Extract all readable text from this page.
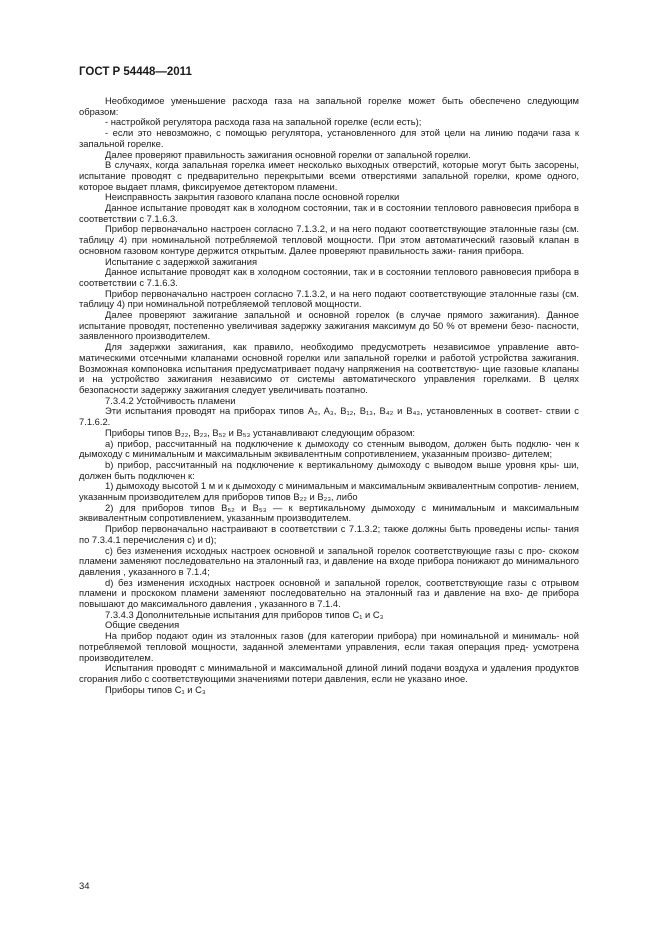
ГОСТ Р 54448—2011

Необходимое уменьшение расхода газа на запальной горелке может быть обеспечено следующим образом:

- настройкой регулятора расхода газа на запальной горелке (если есть);

- если это невозможно, с помощью регулятора, установленного для этой цели на линию подачи газа к запальной горелке.

Далее проверяют правильность зажигания основной горелки от запальной горелки.

В случаях, когда запальная горелка имеет несколько выходных отверстий, которые могут быть засорены, испытание проводят с предварительно перекрытыми всеми отверстиями запальной горелки, кроме одного, которое выдает пламя, фиксируемое детектором пламени.

Неисправность закрытия газового клапана после основной горелки

Данное испытание проводят как в холодном состоянии, так и в состоянии теплового равновесия прибора в соответствии с 7.1.6.3.

Прибор первоначально настроен согласно 7.1.3.2, и на него подают соответствующие эталонные газы (см. таблицу 4) при номинальной потребляемой тепловой мощности. При этом автоматический газовый клапан в основном газовом контуре держится открытым. Далее проверяют правильность зажи- гания прибора.

Испытание с задержкой зажигания

Данное испытание проводят как в холодном состоянии, так и в состоянии теплового равновесия прибора в соответствии с 7.1.6.3.

Прибор первоначально настроен согласно 7.1.3.2, и на него подают соответствующие эталонные газы (см. таблицу 4) при номинальной потребляемой тепловой мощности.

Далее проверяют зажигание запальной и основной горелок (в случае прямого зажигания). Данное испытание проводят, постепенно увеличивая задержку зажигания максимум до 50 % от времени безо- пасности, заявленного производителем.

Для задержки зажигания, как правило, необходимо предусмотреть независимое управление авто- матическими отсечными клапанами основной горелки или запальной горелки и работой устройства зажигания. Возможная компоновка испытания предусматривает подачу напряжения на соответствую- щие газовые клапаны и на устройство зажигания независимо от системы автоматического управления горелками. В целях безопасности задержку зажигания следует увеличивать поэтапно.

7.3.4.2 Устойчивость пламени

Эти испытания проводят на приборах типов A₂, A₃, B₁₂, B₁₃, B₄₂ и B₄₃, установленных в соответ- ствии с 7.1.6.2.

Приборы типов B₂₂, B₂₃, B₅₂ и B₅₃ устанавливают следующим образом:

a) прибор, рассчитанный на подключение к дымоходу со стенным выводом, должен быть подклю- чен к дымоходу с минимальным и максимальным эквивалентным сопротивлением, указанным произво- дителем;

b) прибор, рассчитанный на подключение к вертикальному дымоходу с выводом выше уровня кры- ши, должен быть подключен к:

1) дымоходу высотой 1 м и к дымоходу с минимальным и максимальным эквивалентным сопротив- лением, указанным производителем для приборов типов B₂₂ и B₂₃, либо

2) для приборов типов B₅₂ и B₅₃ — к вертикальному дымоходу с минимальным и максимальным эквивалентным сопротивлением, указанным производителем.

Прибор первоначально настраивают в соответствии с 7.1.3.2; также должны быть проведены испы- тания по 7.3.4.1 перечисления c) и d);

c) без изменения исходных настроек основной и запальной горелок соответствующие газы с про- скоком пламени заменяют последовательно на эталонный газ, и давление на входе прибора понижают до минимального давления , указанного в 7.1.4;

d) без изменения исходных настроек основной и запальной горелок, соответствующие газы с отрывом пламени и проскоком пламени заменяют последовательно на эталонный газ и давление на вхо- де прибора повышают до максимального давления , указанного в 7.1.4.

7.3.4.3 Дополнительные испытания для приборов типов C₁ и C₃

Общие сведения

На прибор подают один из эталонных газов (для категории прибора) при номинальной и минималь- ной потребляемой тепловой мощности, заданной элементами управления, если такая операция пред- усмотрена производителем.

Испытания проводят с минимальной и максимальной длиной линий подачи воздуха и удаления продуктов сгорания либо с соответствующими значениями потери давления, если не указано иное.

Приборы типов C₁ и C₃

34
